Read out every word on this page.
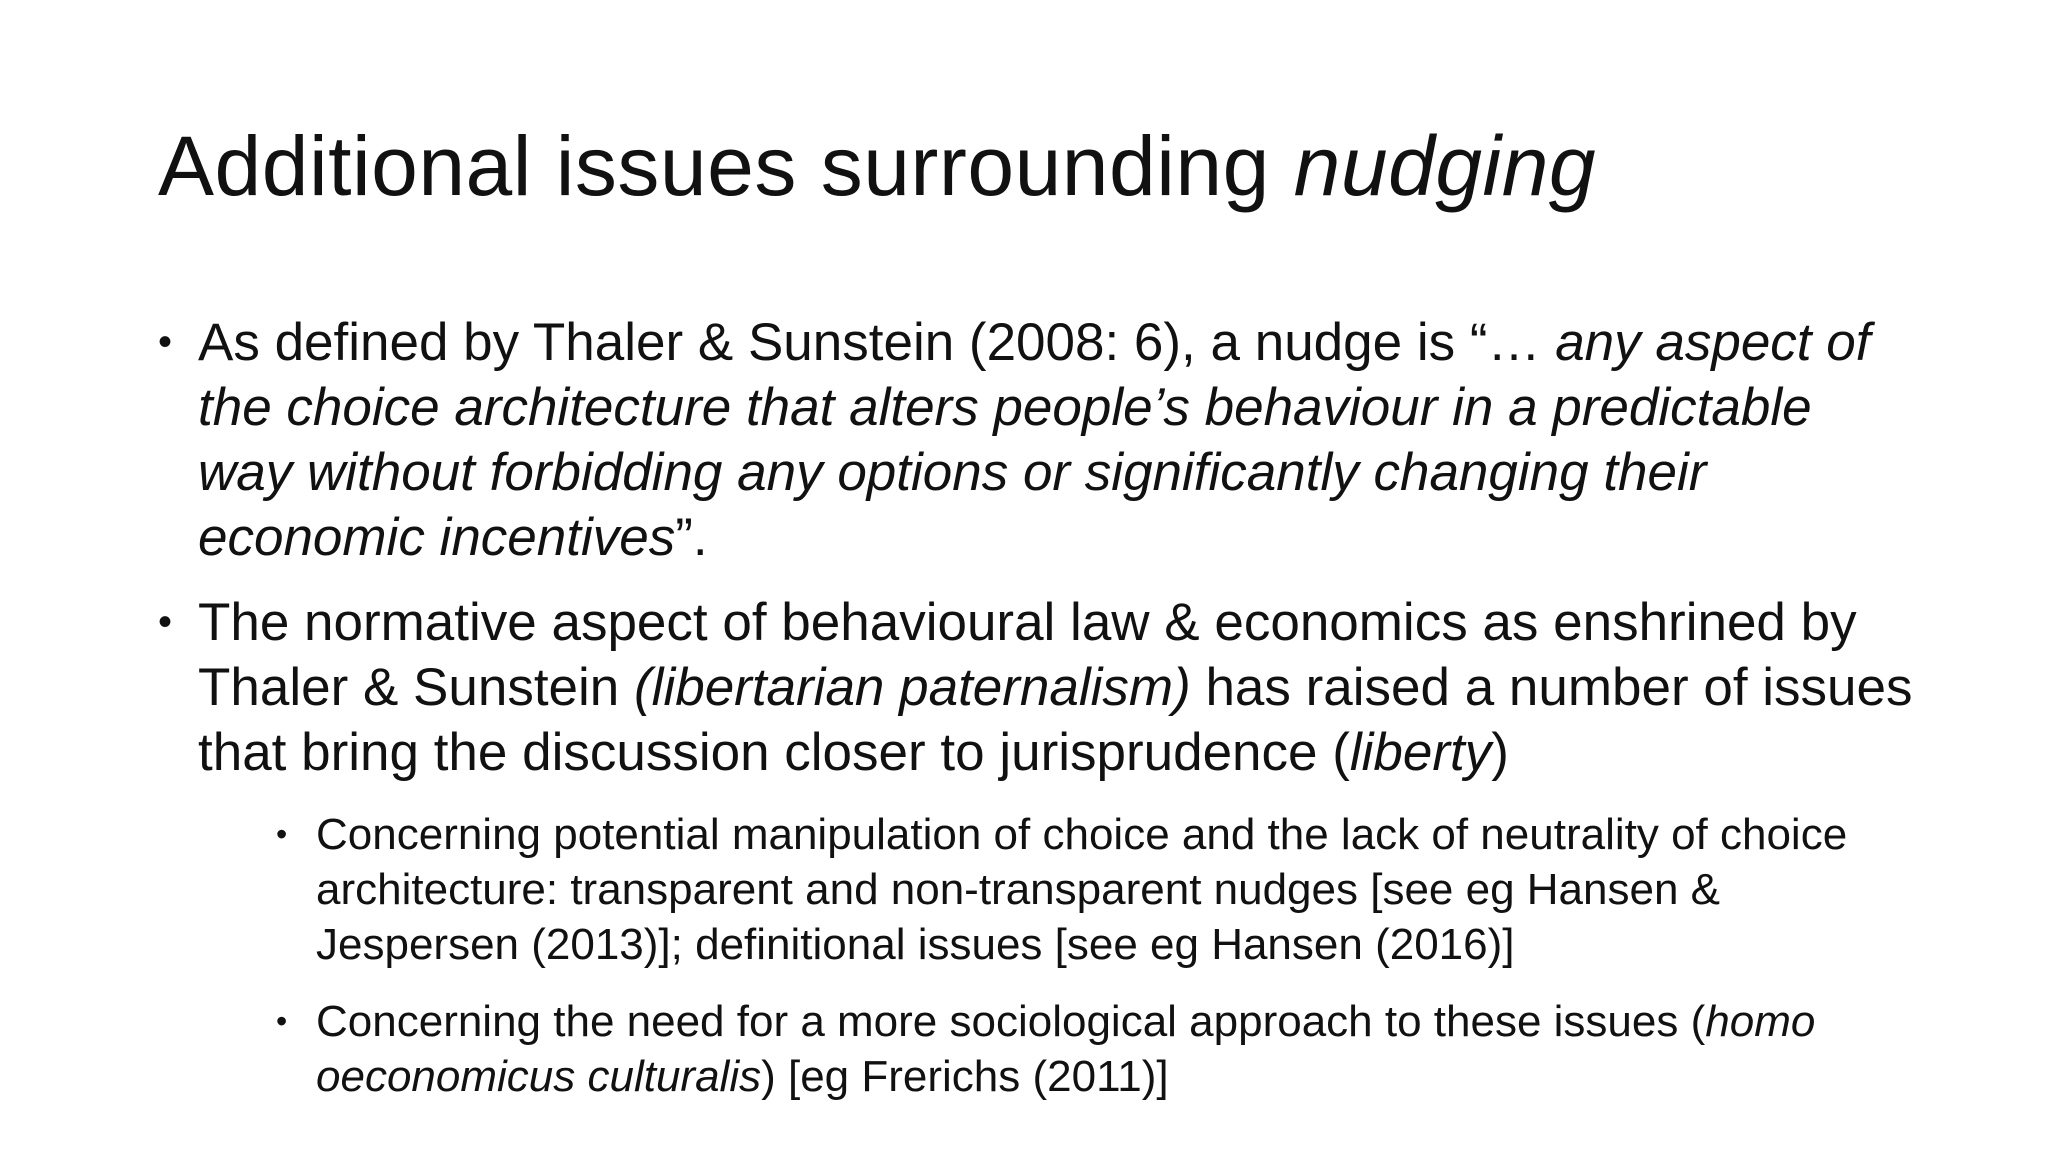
Additional issues surrounding nudging
• As defined by Thaler & Sunstein (2008: 6), a nudge is “… any aspect of the choice architecture that alters people’s behaviour in a predictable way without forbidding any options or significantly changing their economic incentives”.
• The normative aspect of behavioural law & economics as enshrined by Thaler & Sunstein (libertarian paternalism) has raised a number of issues that bring the discussion closer to jurisprudence (liberty)
• Concerning potential manipulation of choice and the lack of neutrality of choice architecture: transparent and non-transparent nudges [see eg Hansen & Jespersen (2013)]; definitional issues [see eg Hansen (2016)]
• Concerning the need for a more sociological approach to these issues (homo oeconomicus culturalis) [eg Frerichs (2011)]
